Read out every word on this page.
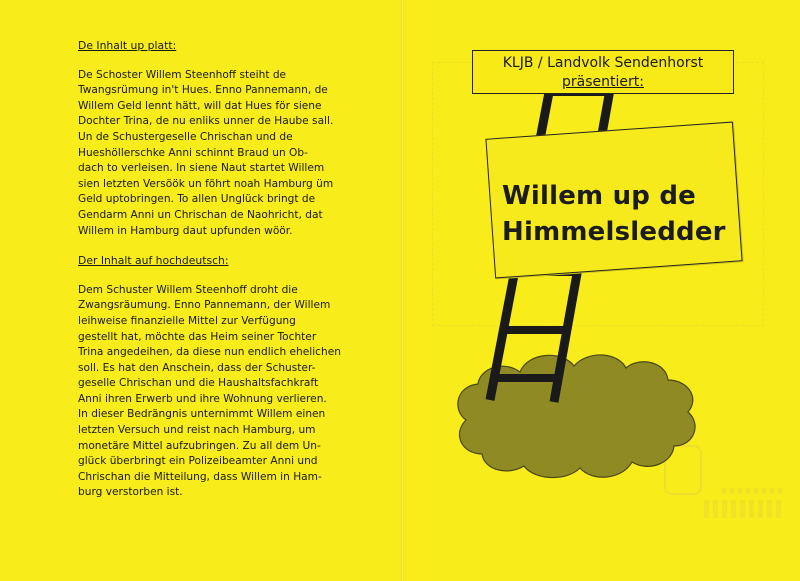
De Inhalt up platt:
De Schoster Willem Steenhoff steiht de
Twangsrümung in't Hues. Enno Pannemann, de
Willem Geld lennt hätt, will dat Hues för siene
Dochter Trina, de nu enliks unner de Haube sall.
Un de Schustergeselle Chrischan und de
Hueshöllerschke Anni schinnt Braud un Ob-
dach to verleisen. In siene Naut startet Willem
sien letzten Versöök un föhrt noah Hamburg üm
Geld uptobringen. To allen Unglück bringt de
Gendarm Anni un Chrischan de Naohricht, dat
Willem in Hamburg daut upfunden wöör.
Der Inhalt auf hochdeutsch:
Dem Schuster Willem Steenhoff droht die
Zwangsräumung. Enno Pannemann, der Willem
leihweise finanzielle Mittel zur Verfügung
gestellt hat, möchte das Heim seiner Tochter
Trina angedeihen, da diese nun endlich ehelichen
soll. Es hat den Anschein, dass der Schuster-
geselle Chrischan und die Haushaltsfachkraft
Anni ihren Erwerb und ihre Wohnung verlieren.
In dieser Bedrängnis unternimmt Willem einen
letzten Versuch und reist nach Hamburg, um
monetäre Mittel aufzubringen. Zu all dem Un-
glück überbringt ein Polizeibeamter Anni und
Chrischan die Mitteilung, dass Willem in Ham-
burg verstorben ist.
KLJB / Landvolk Sendenhorst
präsentiert:
Willem up de
Himmelsledder
